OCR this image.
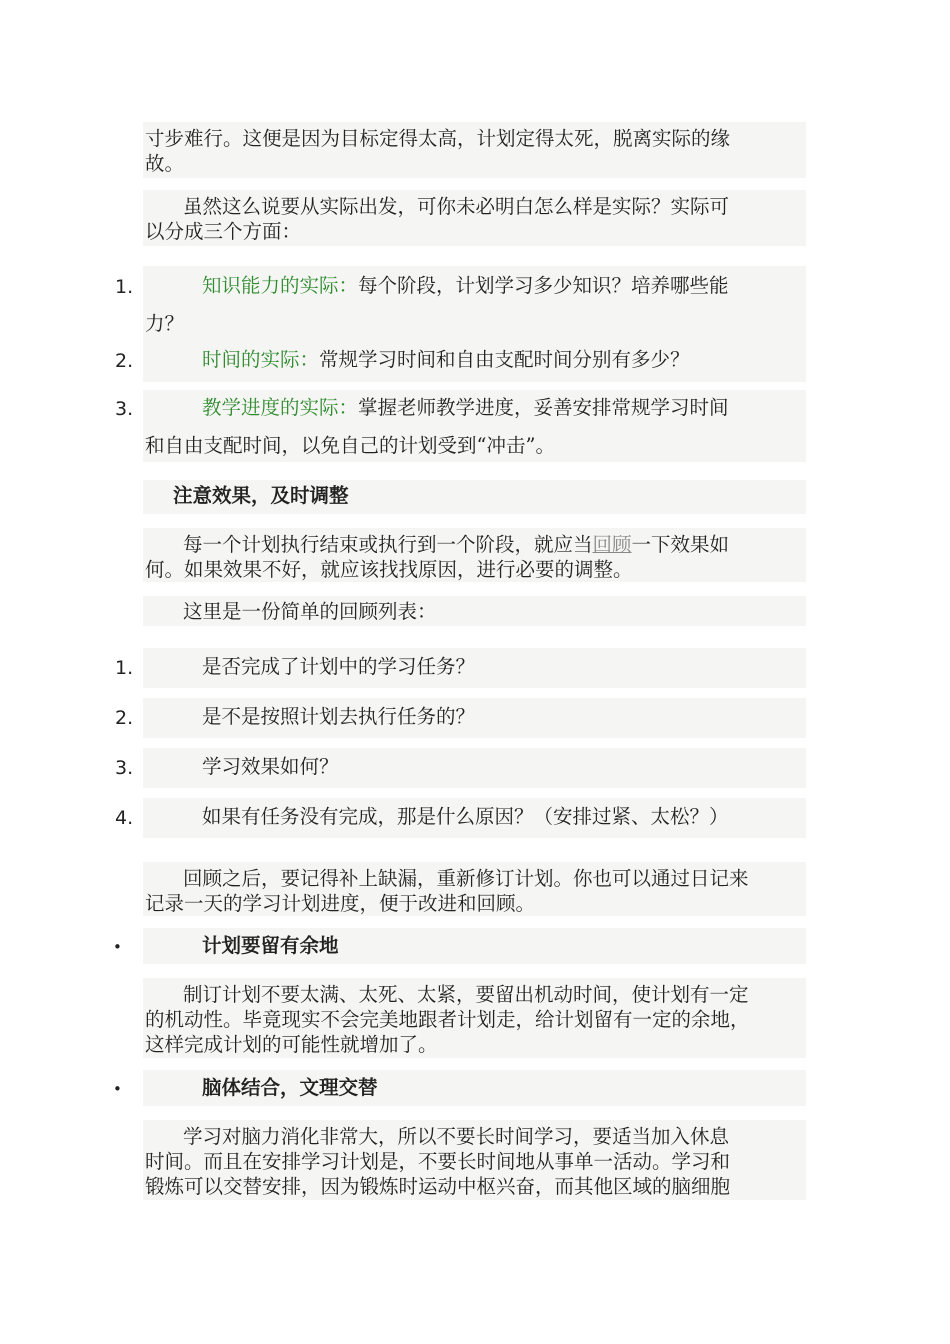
寸步难行。这便是因为目标定得太高，计划定得太死，脱离实际的缘
故。
虽然这么说要从实际出发，可你未必明白怎么样是实际？实际可
以分成三个方面：
1.	知识能力的实际：每个阶段，计划学习多少知识？培养哪些能
力？
2.	时间的实际：常规学习时间和自由支配时间分别有多少？
3.	教学进度的实际：掌握老师教学进度，妥善安排常规学习时间
和自由支配时间，以免自己的计划受到“冲击”。
注意效果，及时调整
每一个计划执行结束或执行到一个阶段，就应当回顾一下效果如
何。如果效果不好，就应该找找原因，进行必要的调整。
这里是一份简单的回顾列表：
1.	是否完成了计划中的学习任务？
2.	是不是按照计划去执行任务的？
3.	学习效果如何？
4.	如果有任务没有完成，那是什么原因？（安排过紧、太松？）
回顾之后，要记得补上缺漏，重新修订计划。你也可以通过日记来
记录一天的学习计划进度，便于改进和回顾。
•	计划要留有余地
制订计划不要太满、太死、太紧，要留出机动时间，使计划有一定
的机动性。毕竟现实不会完美地跟者计划走，给计划留有一定的余地，
这样完成计划的可能性就增加了。
•	脑体结合，文理交替
学习对脑力消化非常大，所以不要长时间学习，要适当加入休息
时间。而且在安排学习计划是，不要长时间地从事单一活动。学习和
锻炼可以交替安排，因为锻炼时运动中枢兴奋，而其他区域的脑细胞
